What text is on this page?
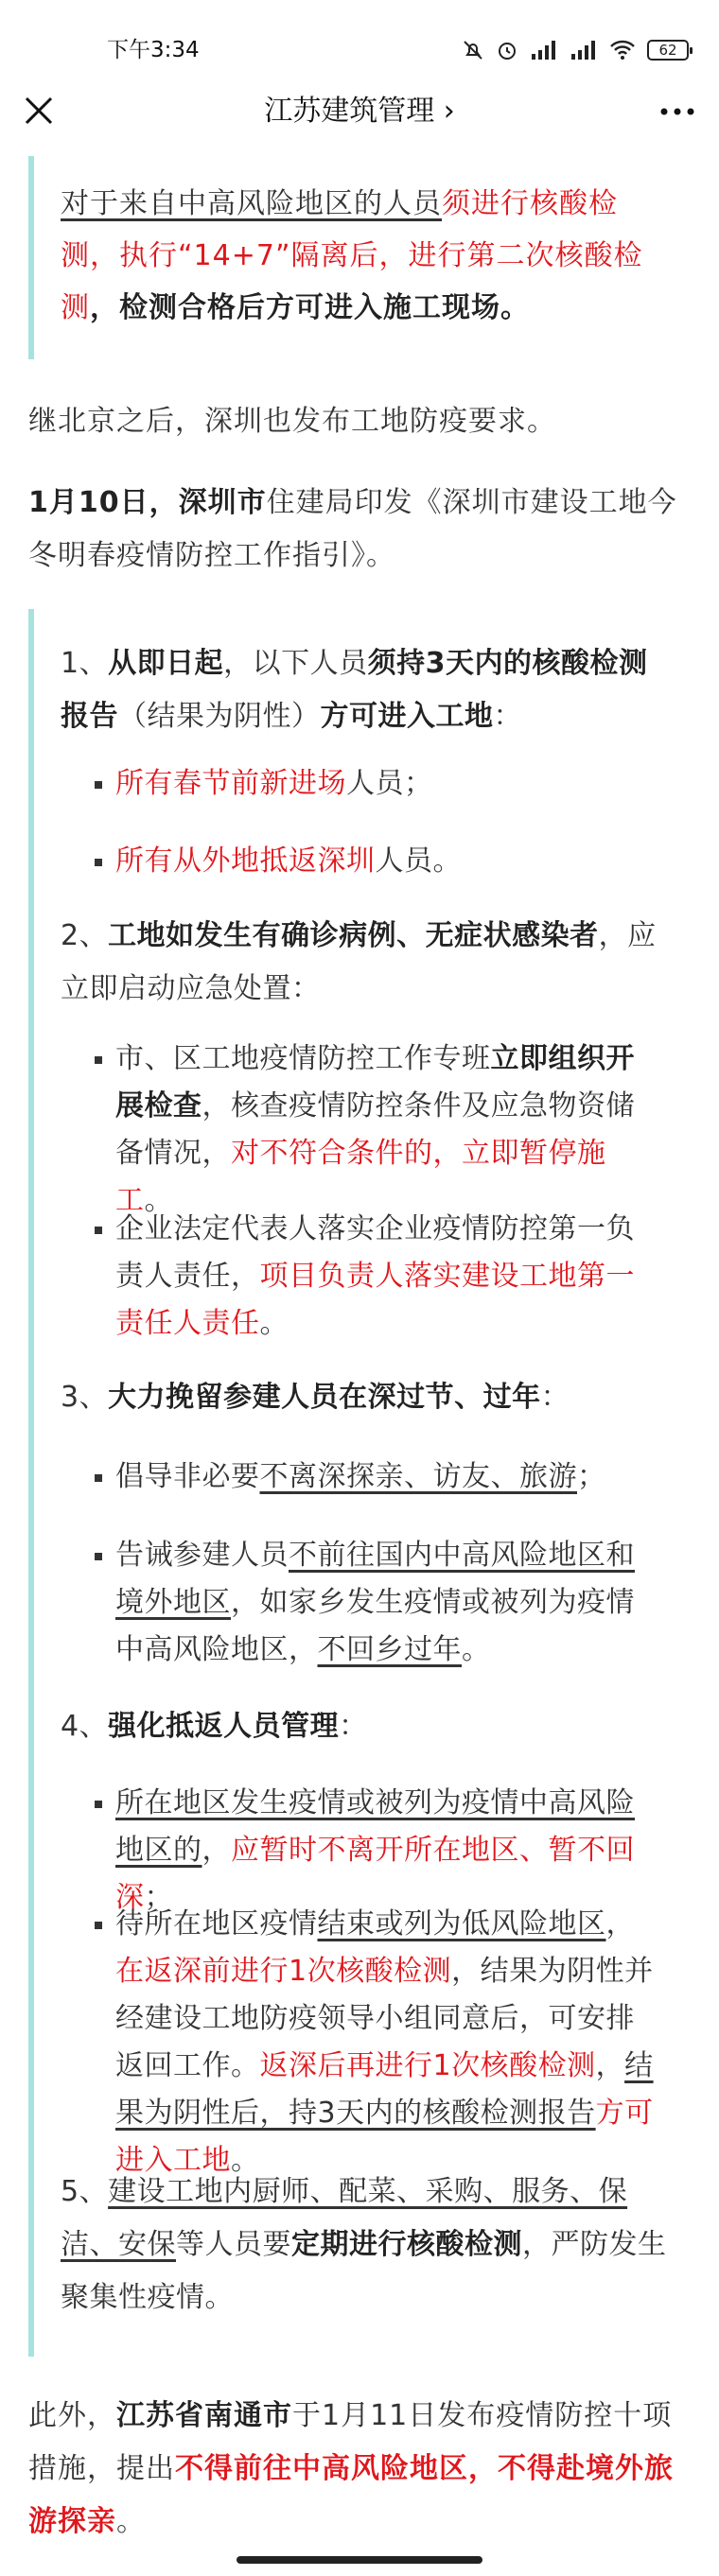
下午3:34	62
江苏建筑管理 ›
对于来自中高风险地区的人员须进行核酸检测，执行“14+7”隔离后，进行第二次核酸检测，检测合格后方可进入施工现场。
继北京之后，深圳也发布工地防疫要求。
1月10日，深圳市住建局印发《深圳市建设工地今冬明春疫情防控工作指引》。
1、从即日起，以下人员须持3天内的核酸检测报告（结果为阴性）方可进入工地：
所有春节前新进场人员；
所有从外地抵返深圳人员。
2、工地如发生有确诊病例、无症状感染者，应立即启动应急处置：
市、区工地疫情防控工作专班立即组织开展检查，核查疫情防控条件及应急物资储备情况，对不符合条件的，立即暂停施工。
企业法定代表人落实企业疫情防控第一负责人责任，项目负责人落实建设工地第一责任人责任。
3、大力挽留参建人员在深过节、过年：
倡导非必要不离深探亲、访友、旅游；
告诫参建人员不前往国内中高风险地区和境外地区，如家乡发生疫情或被列为疫情中高风险地区，不回乡过年。
4、强化抵返人员管理：
所在地区发生疫情或被列为疫情中高风险地区的，应暂时不离开所在地区、暂不回深；
待所在地区疫情结束或列为低风险地区，在返深前进行1次核酸检测，结果为阴性并经建设工地防疫领导小组同意后，可安排返回工作。返深后再进行1次核酸检测，结果为阴性后，持3天内的核酸检测报告方可进入工地。
5、建设工地内厨师、配菜、采购、服务、保洁、安保等人员要定期进行核酸检测，严防发生聚集性疫情。
此外，江苏省南通市于1月11日发布疫情防控十项措施，提出不得前往中高风险地区，不得赴境外旅游探亲。
